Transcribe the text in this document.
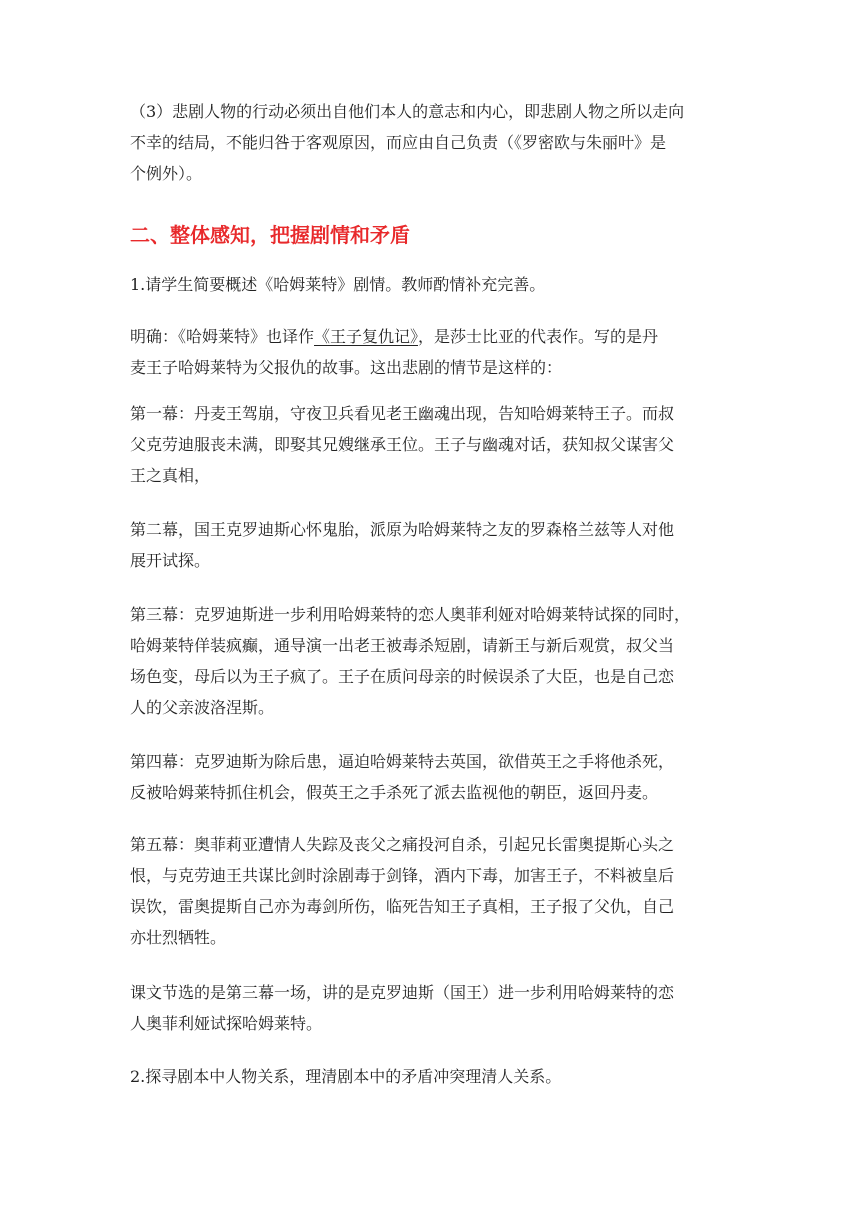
（3）悲剧人物的行动必须出自他们本人的意志和内心，即悲剧人物之所以走向
不幸的结局，不能归咎于客观原因，而应由自己负责（《罗密欧与朱丽叶》是
个例外）。

二、整体感知，把握剧情和矛盾

1.请学生简要概述《哈姆莱特》剧情。教师酌情补充完善。

明确：《哈姆莱特》也译作《王子复仇记》，是莎士比亚的代表作。写的是丹
麦王子哈姆莱特为父报仇的故事。这出悲剧的情节是这样的：

第一幕：丹麦王驾崩，守夜卫兵看见老王幽魂出现，告知哈姆莱特王子。而叔
父克劳迪服丧未满，即娶其兄嫂继承王位。王子与幽魂对话，获知叔父谋害父
王之真相，

第二幕，国王克罗迪斯心怀鬼胎，派原为哈姆莱特之友的罗森格兰兹等人对他
展开试探。

第三幕：克罗迪斯进一步利用哈姆莱特的恋人奥菲利娅对哈姆莱特试探的同时，
哈姆莱特佯装疯癫，通导演一出老王被毒杀短剧，请新王与新后观赏，叔父当
场色变，母后以为王子疯了。王子在质问母亲的时候误杀了大臣，也是自己恋
人的父亲波洛涅斯。

第四幕：克罗迪斯为除后患，逼迫哈姆莱特去英国，欲借英王之手将他杀死，
反被哈姆莱特抓住机会，假英王之手杀死了派去监视他的朝臣，返回丹麦。

第五幕：奥菲莉亚遭情人失踪及丧父之痛投河自杀，引起兄长雷奥提斯心头之
恨，与克劳迪王共谋比剑时涂剧毒于剑锋，酒内下毒，加害王子，不料被皇后
误饮，雷奥提斯自己亦为毒剑所伤，临死告知王子真相，王子报了父仇，自己
亦壮烈牺牲。

课文节选的是第三幕一场，讲的是克罗迪斯（国王）进一步利用哈姆莱特的恋
人奥菲利娅试探哈姆莱特。

2.探寻剧本中人物关系，理清剧本中的矛盾冲突理清人关系。
